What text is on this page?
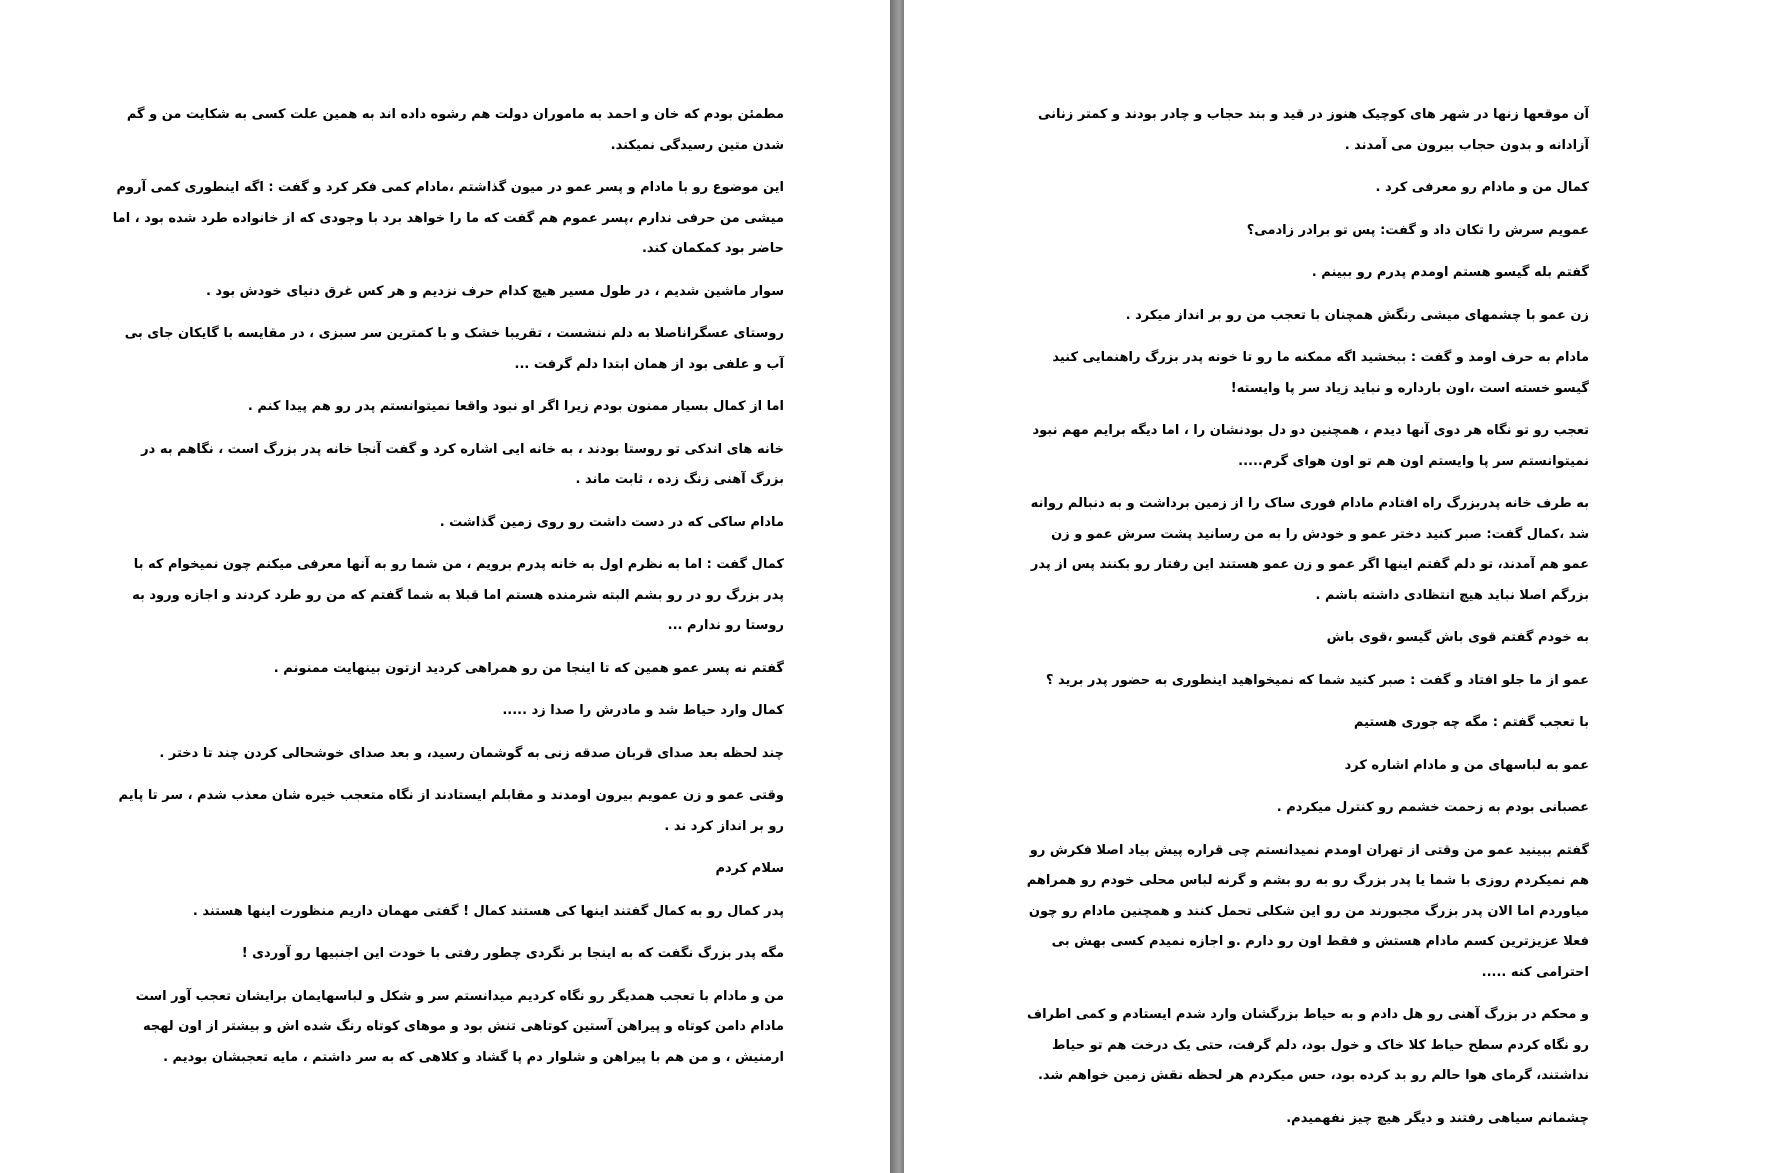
مطمئن بودم که خان و احمد به ماموران دولت هم رشوه داده اند به همین علت کسی به شکایت من و گم شدن متین رسیدگی نمیکند.

این موضوع رو با مادام و پسر عمو در میون گذاشتم ،مادام کمی فکر کرد و گفت : اگه اینطوری کمی آروم میشی من حرفی ندارم ،پسر عموم هم گفت که ما را خواهد برد با وجودی که از خانواده طرد شده بود ، اما حاضر بود کمکمان کند.

سوار ماشین شدیم ، در طول مسیر هیچ کدام حرف نزدیم و هر کس غرق دنیای خودش بود .

روستای عسگراناصلا به دلم ننشست ، تقریبا خشک و با کمترین سر سبزی ، در مقایسه با گایکان جای بی آب و علفی بود از همان ابتدا دلم گرفت ...

اما از کمال بسیار ممنون بودم زیرا اگر او نبود واقعا نمیتوانستم پدر رو هم پیدا کنم .

خانه های اندکی تو روستا بودند ، به خانه ایی اشاره کرد و گفت آنجا خانه پدر بزرگ است ، نگاهم به در بزرگ آهنی زنگ زده ، ثابت ماند .

مادام ساکی که در دست داشت رو روی زمین گذاشت .

کمال گفت : اما به نظرم اول به خانه پدرم برویم ، من شما رو به آنها معرفی میکنم چون نمیخوام که با پدر بزرگ رو در رو بشم البته شرمنده هستم اما قبلا به شما گفتم که من رو طرد کردند و اجازه ورود به روستا رو ندارم ...

گفتم نه پسر عمو همین که تا اینجا من رو همراهی کردید ازتون بینهایت ممنونم .

کمال وارد حیاط شد و مادرش را صدا زد .....

چند لحظه بعد صدای قربان صدقه زنی به گوشمان رسید، و بعد صدای خوشحالی کردن چند تا دختر .

وقتی عمو و زن عمویم بیرون اومدند و مقابلم ایستادند از نگاه متعجب خیره شان معذب شدم ، سر تا پایم رو بر انداز کرد ند .

سلام کردم

پدر کمال رو به کمال گفتند اینها کی هستند کمال ! گفتی مهمان داریم منظورت اینها هستند .

مگه پدر بزرگ نگفت که به اینجا بر نگردی چطور رفتی با خودت این اجنبیها رو آوردی !

من و مادام با تعجب همدیگر رو نگاه کردیم میدانستم سر و شکل و لباسهایمان برایشان تعجب آور است مادام دامن کوتاه و پیراهن آستین کوتاهی تنش بود و موهای کوتاه رنگ شده اش و بیشتر از اون لهجه ارمنیش ، و من هم با پیراهن و شلوار دم پا گشاد و کلاهی که به سر داشتم ، مایه تعجبشان بودیم .

آن موقعها زنها در شهر های کوچیک هنوز در قید و بند حجاب و چادر بودند و کمتر زنانی آزادانه و بدون حجاب بیرون می آمدند .

کمال من و مادام رو معرفی کرد .

عمویم سرش را تکان داد و گفت: پس تو برادر زادمی؟

گفتم بله گیسو هستم اومدم پدرم رو ببینم .

زن عمو با چشمهای میشی رنگش همچنان با تعجب من رو بر انداز میکرد .

مادام به حرف اومد و گفت : ببخشید اگه ممکنه ما رو تا خونه پدر بزرگ راهنمایی کنید گیسو خسته است ،اون بارداره و نباید زیاد سر پا وایسته!

تعجب رو تو نگاه هر دوی آنها دیدم ، همچنین دو دل بودنشان را ، اما دیگه برایم مهم نبود نمیتوانستم سر پا وایستم اون هم تو اون هوای گرم.....

به طرف خانه پدربزرگ راه افتادم مادام فوری ساک را از زمین برداشت و به دنبالم روانه شد ،کمال گفت: صبر کنید دختر عمو و خودش را به من رسانید پشت سرش عمو و زن عمو هم آمدند، تو دلم گفتم اینها اگر عمو و زن عمو هستند این رفتار رو بکنند پس از پدر بزرگم اصلا نباید هیچ انتظادی داشته باشم .

به خودم گفتم قوی باش گیسو ،قوی باش

عمو از ما جلو افتاد و گفت : صبر کنید شما که نمیخواهید اینطوری به حضور پدر برید ؟

با تعجب گفتم : مگه چه جوری هستیم

عمو به لباسهای من و مادام اشاره کرد

عصبانی بودم به زحمت خشمم رو کنترل میکردم .

گفتم ببینید عمو من وقتی از تهران اومدم نمیدانستم چی قراره پیش بیاد اصلا فکرش رو هم نمیکردم روزی با شما یا پدر بزرگ رو به رو بشم و گرنه لباس محلی خودم رو همراهم میاوردم اما الان پدر بزرگ مجبورند من رو این شکلی تحمل کنند و همچنین مادام رو چون فعلا عزیزترین کسم مادام هستش و فقط اون رو دارم .و اجازه نمیدم کسی بهش بی احترامی کنه .....

و محکم در بزرگ آهنی رو هل دادم و به حیاط بزرگشان وارد شدم ایستادم و کمی اطراف رو نگاه کردم سطح حیاط کلا خاک و خول بود، دلم گرفت، حتی یک درخت هم تو حیاط نداشتند، گرمای هوا حالم رو بد کرده بود، حس میکردم هر لحظه نقش زمین خواهم شد.

چشمانم سیاهی رفتند و دیگر هیچ چیز نفهمیدم.
